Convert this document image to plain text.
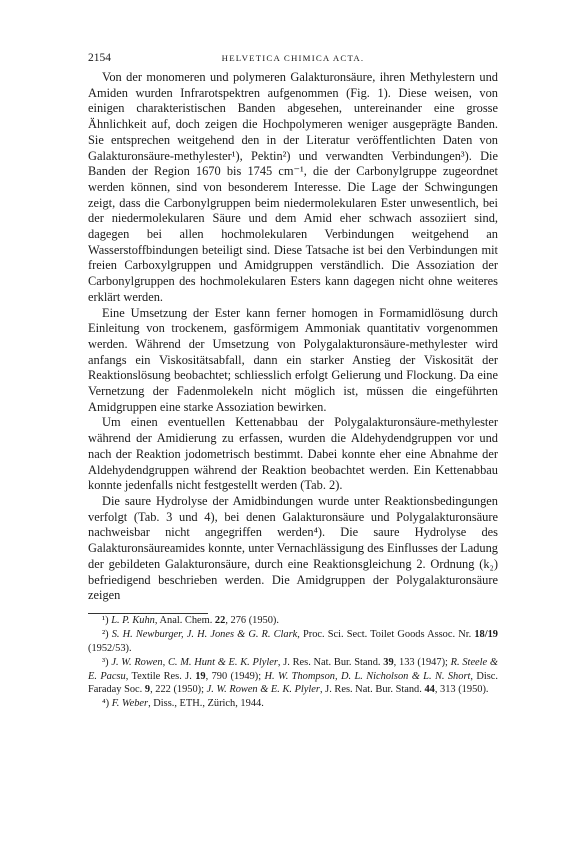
2154	HELVETICA CHIMICA ACTA.

Von der monomeren und polymeren Galakturonsäure, ihren Methylestern und Amiden wurden Infrarotspektren aufgenommen (Fig. 1). Diese weisen, von einigen charakteristischen Banden abgesehen, untereinander eine grosse Ähnlichkeit auf, doch zeigen die Hochpolymeren weniger ausgeprägte Banden. Sie entsprechen weitgehend den in der Literatur veröffentlichten Daten von Galakturonsäure-methylester¹), Pektin²) und verwandten Verbindungen³). Die Banden der Region 1670 bis 1745 cm⁻¹, die der Carbonylgruppe zugeordnet werden können, sind von besonderem Interesse. Die Lage der Schwingungen zeigt, dass die Carbonylgruppen beim niedermolekularen Ester unwesentlich, bei der niedermolekularen Säure und dem Amid eher schwach assoziiert sind, dagegen bei allen hochmolekularen Verbindungen weitgehend an Wasserstoffbindungen beteiligt sind. Diese Tatsache ist bei den Verbindungen mit freien Carboxylgruppen und Amidgruppen verständlich. Die Assoziation der Carbonylgruppen des hochmolekularen Esters kann dagegen nicht ohne weiteres erklärt werden.

Eine Umsetzung der Ester kann ferner homogen in Formamidlösung durch Einleitung von trockenem, gasförmigem Ammoniak quantitativ vorgenommen werden. Während der Umsetzung von Polygalakturonsäure-methylester wird anfangs ein Viskositätsabfall, dann ein starker Anstieg der Viskosität der Reaktionslösung beobachtet; schliesslich erfolgt Gelierung und Flockung. Da eine Vernetzung der Fadenmolekeln nicht möglich ist, müssen die eingeführten Amidgruppen eine starke Assoziation bewirken.

Um einen eventuellen Kettenabbau der Polygalakturonsäure-methylester während der Amidierung zu erfassen, wurden die Aldehydendgruppen vor und nach der Reaktion jodometrisch bestimmt. Dabei konnte eher eine Abnahme der Aldehydendgruppen während der Reaktion beobachtet werden. Ein Kettenabbau konnte jedenfalls nicht festgestellt werden (Tab. 2).

Die saure Hydrolyse der Amidbindungen wurde unter Reaktionsbedingungen verfolgt (Tab. 3 und 4), bei denen Galakturonsäure und Polygalakturonsäure nachweisbar nicht angegriffen werden⁴). Die saure Hydrolyse des Galakturonsäureamides konnte, unter Vernachlässigung des Einflusses der Ladung der gebildeten Galakturonsäure, durch eine Reaktionsgleichung 2. Ordnung (k₂) befriedigend beschrieben werden. Die Amidgruppen der Polygalakturonsäure zeigen

¹) L. P. Kuhn, Anal. Chem. 22, 276 (1950).

²) S. H. Newburger, J. H. Jones & G. R. Clark, Proc. Sci. Sect. Toilet Goods Assoc. Nr. 18/19 (1952/53).

³) J. W. Rowen, C. M. Hunt & E. K. Plyler, J. Res. Nat. Bur. Stand. 39, 133 (1947); R. Steele & E. Pacsu, Textile Res. J. 19, 790 (1949); H. W. Thompson, D. L. Nicholson & L. N. Short, Disc. Faraday Soc. 9, 222 (1950); J. W. Rowen & E. K. Plyler, J. Res. Nat. Bur. Stand. 44, 313 (1950).

⁴) F. Weber, Diss., ETH., Zürich, 1944.
